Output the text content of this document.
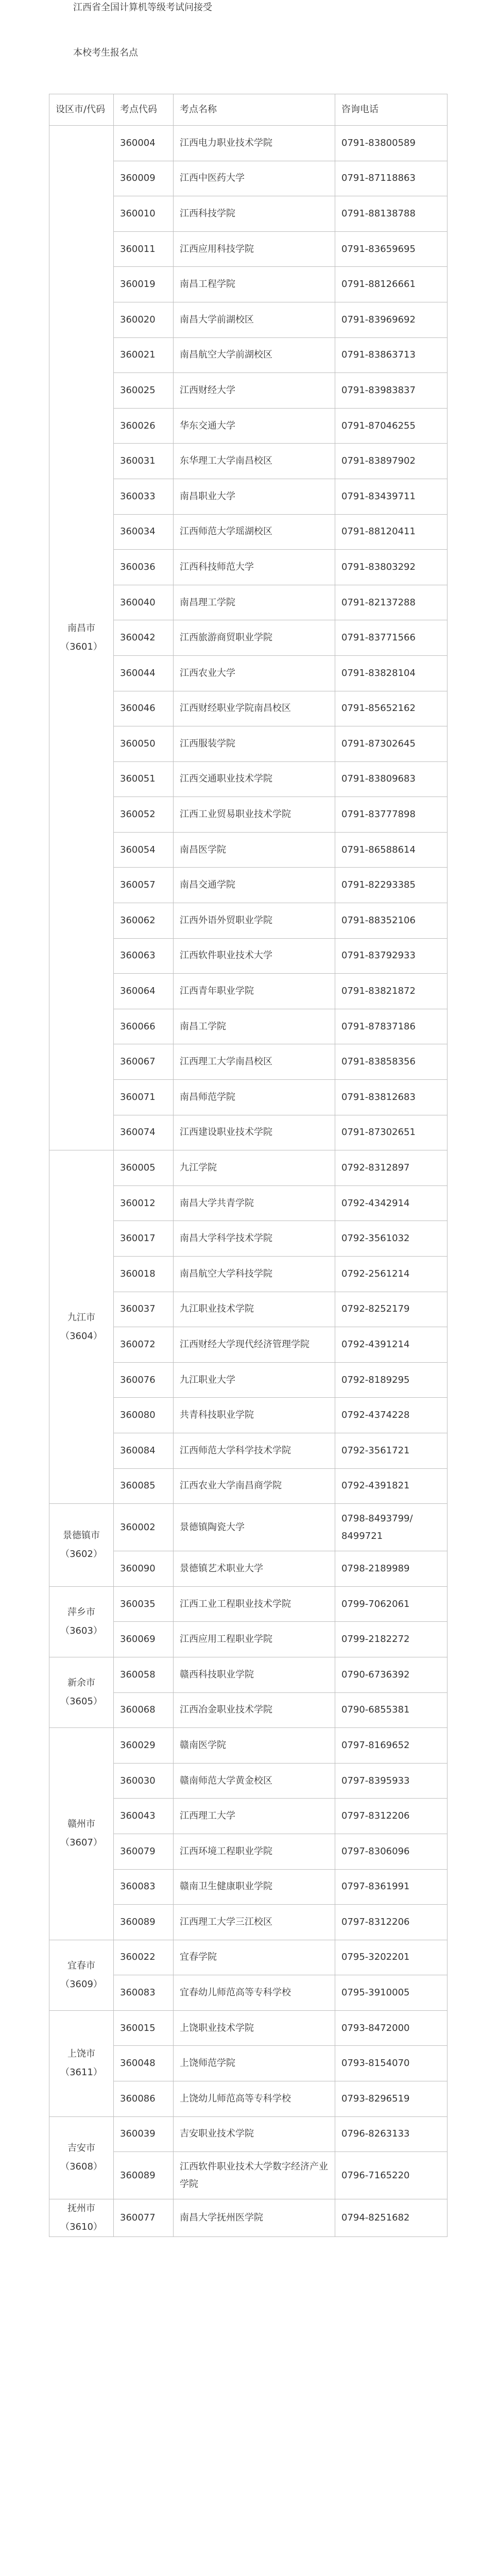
江西省全国计算机等级考试问接受
本校考生报名点
设区市/代码	考点代码	考点名称	咨询电话

南昌市
（3601）	360004	江西电力职业技术学院	0791-83800589
	360009	江西中医药大学	0791-87118863
	360010	江西科技学院	0791-88138788
	360011	江西应用科技学院	0791-83659695
	360019	南昌工程学院	0791-88126661
	360020	南昌大学前湖校区	0791-83969692
	360021	南昌航空大学前湖校区	0791-83863713
	360025	江西财经大学	0791-83983837
	360026	华东交通大学	0791-87046255
	360031	东华理工大学南昌校区	0791-83897902
	360033	南昌职业大学	0791-83439711
	360034	江西师范大学瑶湖校区	0791-88120411
	360036	江西科技师范大学	0791-83803292
	360040	南昌理工学院	0791-82137288
	360042	江西旅游商贸职业学院	0791-83771566
	360044	江西农业大学	0791-83828104
	360046	江西财经职业学院南昌校区	0791-85652162
	360050	江西服装学院	0791-87302645
	360051	江西交通职业技术学院	0791-83809683
	360052	江西工业贸易职业技术学院	0791-83777898
	360054	南昌医学院	0791-86588614
	360057	南昌交通学院	0791-82293385
	360062	江西外语外贸职业学院	0791-88352106
	360063	江西软件职业技术大学	0791-83792933
	360064	江西青年职业学院	0791-83821872
	360066	南昌工学院	0791-87837186
	360067	江西理工大学南昌校区	0791-83858356
	360071	南昌师范学院	0791-83812683
	360074	江西建设职业技术学院	0791-87302651

九江市
（3604）	360005	九江学院	0792-8312897
	360012	南昌大学共青学院	0792-4342914
	360017	南昌大学科学技术学院	0792-3561032
	360018	南昌航空大学科技学院	0792-2561214
	360037	九江职业技术学院	0792-8252179
	360072	江西财经大学现代经济管理学院	0792-4391214
	360076	九江职业大学	0792-8189295
	360080	共青科技职业学院	0792-4374228
	360084	江西师范大学科学技术学院	0792-3561721
	360085	江西农业大学南昌商学院	0792-4391821

景德镇市
（3602）	360002	景德镇陶瓷大学	0798-8493799/ 8499721
	360090	景德镇艺术职业大学	0798-2189989

萍乡市
（3603）	360035	江西工业工程职业技术学院	0799-7062061
	360069	江西应用工程职业学院	0799-2182272

新余市
（3605）	360058	赣西科技职业学院	0790-6736392
	360068	江西冶金职业技术学院	0790-6855381

赣州市
（3607）	360029	赣南医学院	0797-8169652
	360030	赣南师范大学黄金校区	0797-8395933
	360043	江西理工大学	0797-8312206
	360079	江西环境工程职业学院	0797-8306096
	360083	赣南卫生健康职业学院	0797-8361991
	360089	江西理工大学三江校区	0797-8312206

宜春市
（3609）	360022	宜春学院	0795-3202201
	360083	宜春幼儿师范高等专科学校	0795-3910005

上饶市
（3611）	360015	上饶职业技术学院	0793-8472000
	360048	上饶师范学院	0793-8154070
	360086	上饶幼儿师范高等专科学校	0793-8296519

吉安市
（3608）	360039	吉安职业技术学院	0796-8263133
	360089	江西软件职业技术大学数字经济产业学院	0796-7165220

抚州市
（3610）	360077	南昌大学抚州医学院	0794-8251682
